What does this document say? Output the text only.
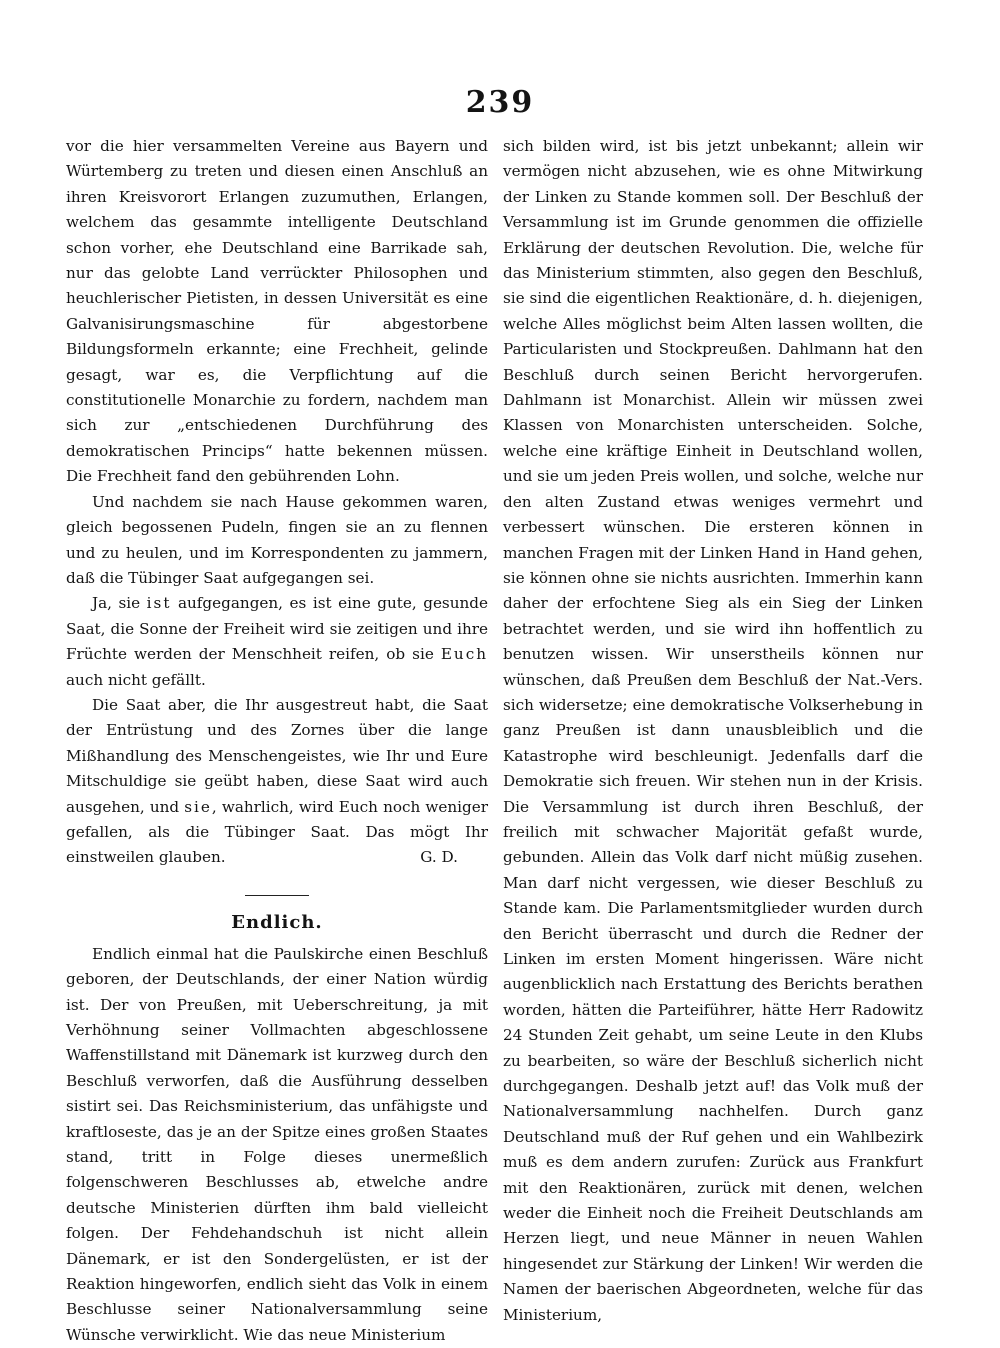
239

vor die hier versammelten Vereine aus Bayern und Würtemberg zu treten und diesen einen Anschluß an ihren Kreisvorort Erlangen zuzumuthen, Erlangen, welchem das gesammte intelligente Deutschland schon vorher, ehe Deutschland eine Barrikade sah, nur das gelobte Land verrückter Philosophen und heuchlerischer Pietisten, in dessen Universität es eine Galvanisirungsmaschine für abgestorbene Bildungsformeln erkannte; eine Frechheit, gelinde gesagt, war es, die Verpflichtung auf die constitutionelle Monarchie zu fordern, nachdem man sich zur „entschiedenen Durchführung des demokratischen Princips“ hatte bekennen müssen. Die Frechheit fand den gebührenden Lohn.

Und nachdem sie nach Hause gekommen waren, gleich begossenen Pudeln, fingen sie an zu flennen und zu heulen, und im Korrespondenten zu jammern, daß die Tübinger Saat aufgegangen sei.

Ja, sie ist aufgegangen, es ist eine gute, gesunde Saat, die Sonne der Freiheit wird sie zeitigen und ihre Früchte werden der Menschheit reifen, ob sie Euch auch nicht gefällt.

Die Saat aber, die Ihr ausgestreut habt, die Saat der Entrüstung und des Zornes über die lange Mißhandlung des Menschengeistes, wie Ihr und Eure Mitschuldige sie geübt haben, diese Saat wird auch ausgehen, und sie, wahrlich, wird Euch noch weniger gefallen, als die Tübinger Saat. Das mögt Ihr einstweilen glauben.	G. D.
Endlich.

Endlich einmal hat die Paulskirche einen Beschluß geboren, der Deutschlands, der einer Nation würdig ist. Der von Preußen, mit Ueberschreitung, ja mit Verhöhnung seiner Vollmachten abgeschlossene Waffenstillstand mit Dänemark ist kurzweg durch den Beschluß verworfen, daß die Ausführung desselben sistirt sei. Das Reichsministerium, das unfähigste und kraftloseste, das je an der Spitze eines großen Staates stand, tritt in Folge dieses unermeßlich folgenschweren Beschlusses ab, etwelche andre deutsche Ministerien dürften ihm bald vielleicht folgen. Der Fehdehandschuh ist nicht allein Dänemark, er ist den Sondergelüsten, er ist der Reaktion hingeworfen, endlich sieht das Volk in einem Beschlusse seiner Nationalversammlung seine Wünsche verwirklicht. Wie das neue Ministerium

sich bilden wird, ist bis jetzt unbekannt; allein wir vermögen nicht abzusehen, wie es ohne Mitwirkung der Linken zu Stande kommen soll. Der Beschluß der Versammlung ist im Grunde genommen die offizielle Erklärung der deutschen Revolution. Die, welche für das Ministerium stimmten, also gegen den Beschluß, sie sind die eigentlichen Reaktionäre, d. h. diejenigen, welche Alles möglichst beim Alten lassen wollten, die Particularisten und Stockpreußen. Dahlmann hat den Beschluß durch seinen Bericht hervorgerufen. Dahlmann ist Monarchist. Allein wir müssen zwei Klassen von Monarchisten unterscheiden. Solche, welche eine kräftige Einheit in Deutschland wollen, und sie um jeden Preis wollen, und solche, welche nur den alten Zustand etwas weniges vermehrt und verbessert wünschen. Die ersteren können in manchen Fragen mit der Linken Hand in Hand gehen, sie können ohne sie nichts ausrichten. Immerhin kann daher der erfochtene Sieg als ein Sieg der Linken betrachtet werden, und sie wird ihn hoffentlich zu benutzen wissen. Wir unserstheils können nur wünschen, daß Preußen dem Beschluß der Nat.-Vers. sich widersetze; eine demokratische Volkserhebung in ganz Preußen ist dann unausbleiblich und die Katastrophe wird beschleunigt. Jedenfalls darf die Demokratie sich freuen. Wir stehen nun in der Krisis. Die Versammlung ist durch ihren Beschluß, der freilich mit schwacher Majorität gefaßt wurde, gebunden. Allein das Volk darf nicht müßig zusehen. Man darf nicht vergessen, wie dieser Beschluß zu Stande kam. Die Parlamentsmitglieder wurden durch den Bericht überrascht und durch die Redner der Linken im ersten Moment hingerissen. Wäre nicht augenblicklich nach Erstattung des Berichts berathen worden, hätten die Parteiführer, hätte Herr Radowitz 24 Stunden Zeit gehabt, um seine Leute in den Klubs zu bearbeiten, so wäre der Beschluß sicherlich nicht durchgegangen. Deshalb jetzt auf! das Volk muß der Nationalversammlung nachhelfen. Durch ganz Deutschland muß der Ruf gehen und ein Wahlbezirk muß es dem andern zurufen: Zurück aus Frankfurt mit den Reaktionären, zurück mit denen, welchen weder die Einheit noch die Freiheit Deutschlands am Herzen liegt, und neue Männer in neuen Wahlen hingesendet zur Stärkung der Linken! Wir werden die Namen der baerischen Abgeordneten, welche für das Ministerium,
